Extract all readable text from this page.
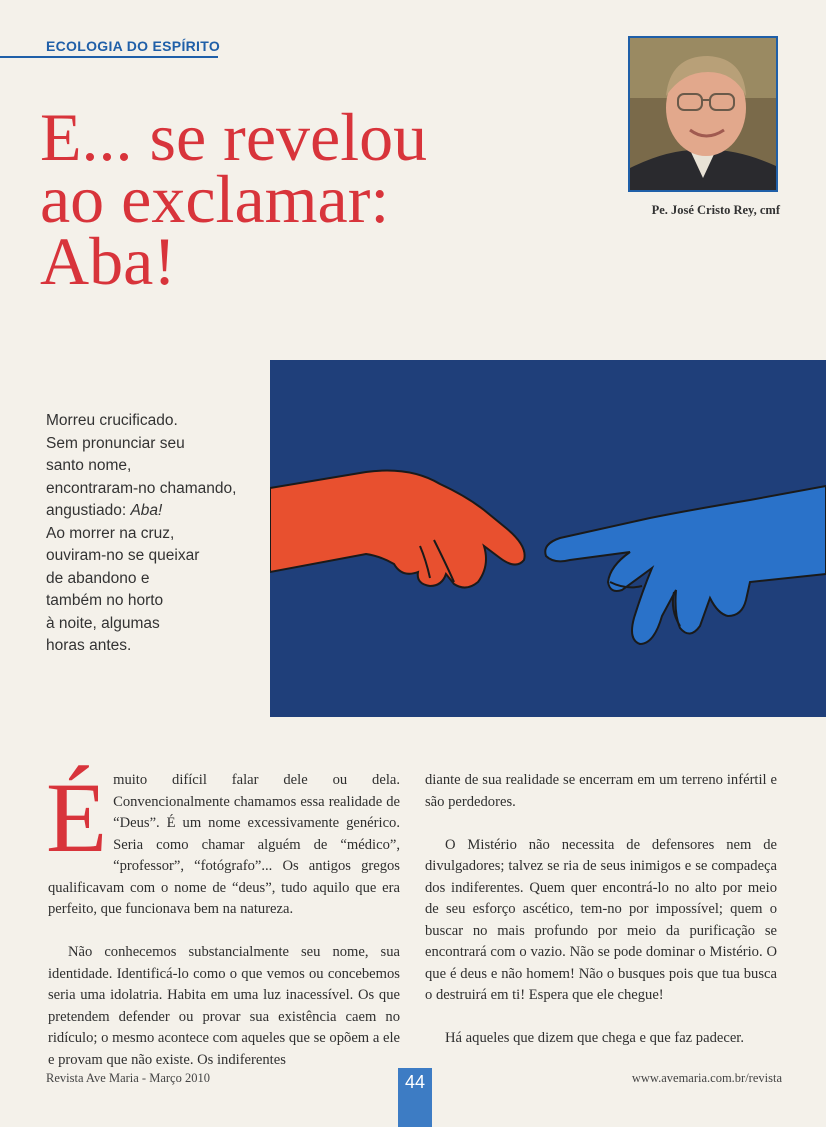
ECOLOGIA DO ESPÍRITO
E... se revelou
ao exclamar:
Aba!

Pe. José Cristo Rey, cmf

Morreu crucificado.
Sem pronunciar seu
santo nome,
encontraram-no chamando,
angustiado: Aba!
Ao morrer na cruz,
ouviram-no se queixar
de abandono e
também no horto
à noite, algumas
horas antes.

Émuito difícil falar dele ou dela. Convencionalmente chamamos essa realidade de “Deus”. É um nome excessivamente genérico. Seria como chamar alguém de “médico”, “professor”, “fotógrafo”... Os antigos gregos qualificavam com o nome de “deus”, tudo aquilo que era perfeito, que funcionava bem na natureza.

Não conhecemos substancialmente seu nome, sua identidade. Identificá-lo como o que vemos ou concebemos seria uma idolatria. Habita em uma luz inacessível. Os que pretendem defender ou provar sua existência caem no ridículo; o mesmo acontece com aqueles que se opõem a ele e provam que não existe. Os indiferentes

diante de sua realidade se encerram em um terreno infértil e são perdedores.

O Mistério não necessita de defensores nem de divulgadores; talvez se ria de seus inimigos e se compadeça dos indiferentes. Quem quer encontrá-lo no alto por meio de seu esforço ascético, tem-no por impossível; quem o buscar no mais profundo por meio da purificação se encontrará com o vazio. Não se pode dominar o Mistério. O que é deus e não homem! Não o busques pois que tua busca o destruirá em ti! Espera que ele chegue!

Há aqueles que dizem que chega e que faz padecer.

Revista Ave Maria - Março 2010	44	www.avemaria.com.br/revista
